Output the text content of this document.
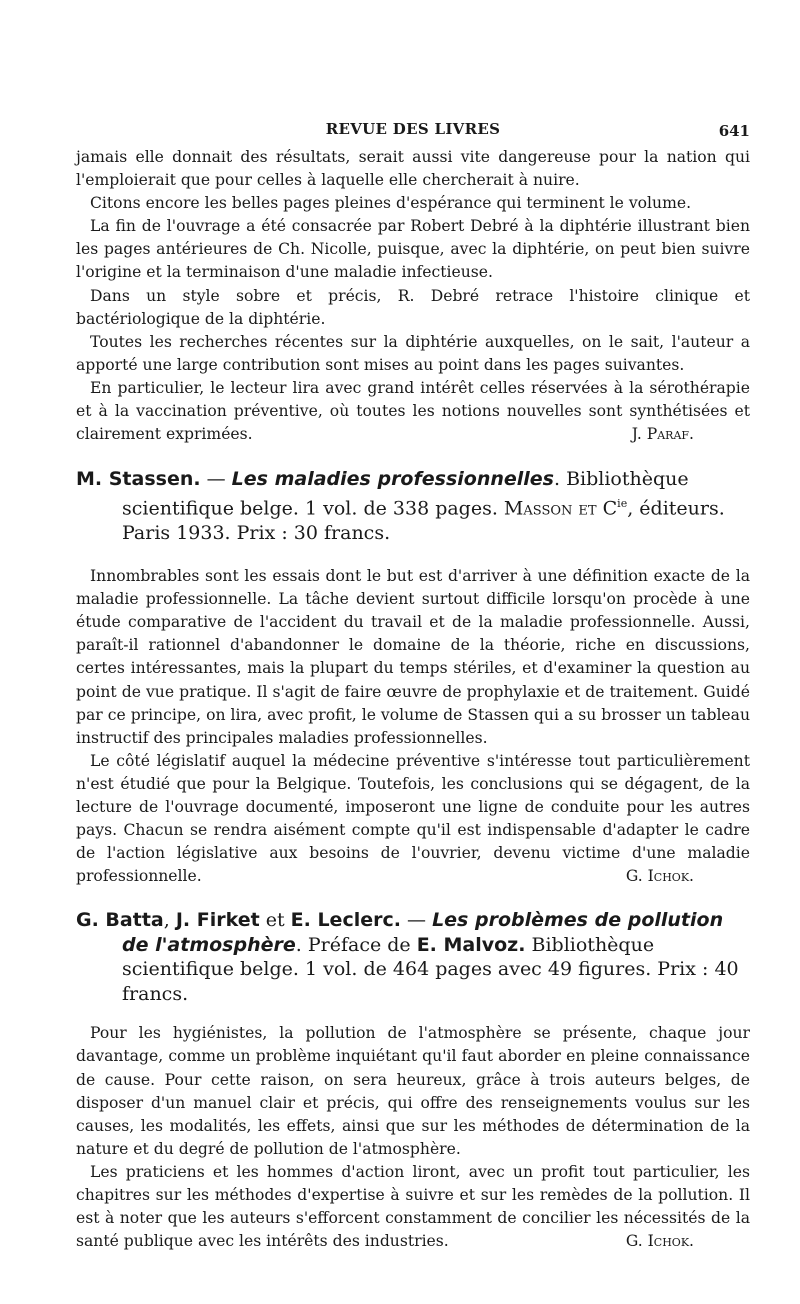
REVUE DES LIVRES	641

jamais elle donnait des résultats, serait aussi vite dangereuse pour la nation qui l'emploierait que pour celles à laquelle elle chercherait à nuire.

Citons encore les belles pages pleines d'espérance qui terminent le volume.

La fin de l'ouvrage a été consacrée par Robert Debré à la diphtérie illustrant bien les pages antérieures de Ch. Nicolle, puisque, avec la diphtérie, on peut bien suivre l'origine et la terminaison d'une maladie infectieuse.

Dans un style sobre et précis, R. Debré retrace l'histoire clinique et bactériologique de la diphtérie.

Toutes les recherches récentes sur la diphtérie auxquelles, on le sait, l'auteur a apporté une large contribution sont mises au point dans les pages suivantes.

En particulier, le lecteur lira avec grand intérêt celles réservées à la sérothérapie et à la vaccination préventive, où toutes les notions nouvelles sont synthétisées et clairement exprimées.	J. Paraf.

M. Stassen. — Les maladies professionnelles. Bibliothèque scientifique belge. 1 vol. de 338 pages. Masson et $C^{ie}$, éditeurs. Paris 1933. Prix : 30 francs.

Innombrables sont les essais dont le but est d'arriver à une définition exacte de la maladie professionnelle. La tâche devient surtout difficile lorsqu'on procède à une étude comparative de l'accident du travail et de la maladie professionnelle. Aussi, paraît-il rationnel d'abandonner le domaine de la théorie, riche en discussions, certes intéressantes, mais la plupart du temps stériles, et d'examiner la question au point de vue pratique. Il s'agit de faire œuvre de prophylaxie et de traitement. Guidé par ce principe, on lira, avec profit, le volume de Stassen qui a su brosser un tableau instructif des principales maladies professionnelles.

Le côté législatif auquel la médecine préventive s'intéresse tout particulièrement n'est étudié que pour la Belgique. Toutefois, les conclusions qui se dégagent, de la lecture de l'ouvrage documenté, imposeront une ligne de conduite pour les autres pays. Chacun se rendra aisément compte qu'il est indispensable d'adapter le cadre de l'action législative aux besoins de l'ouvrier, devenu victime d'une maladie professionnelle.	G. Ichok.

G. Batta, J. Firket et E. Leclerc. — Les problèmes de pollution de l'atmosphère. Préface de E. Malvoz. Bibliothèque scientifique belge. 1 vol. de 464 pages avec 49 figures. Prix : 40 francs.

Pour les hygiénistes, la pollution de l'atmosphère se présente, chaque jour davantage, comme un problème inquiétant qu'il faut aborder en pleine connaissance de cause. Pour cette raison, on sera heureux, grâce à trois auteurs belges, de disposer d'un manuel clair et précis, qui offre des renseignements voulus sur les causes, les modalités, les effets, ainsi que sur les méthodes de détermination de la nature et du degré de pollution de l'atmosphère.

Les praticiens et les hommes d'action liront, avec un profit tout particulier, les chapitres sur les méthodes d'expertise à suivre et sur les remèdes de la pollution. Il est à noter que les auteurs s'efforcent constamment de concilier les nécessités de la santé publique avec les intérêts des industries.	G. Ichok.
